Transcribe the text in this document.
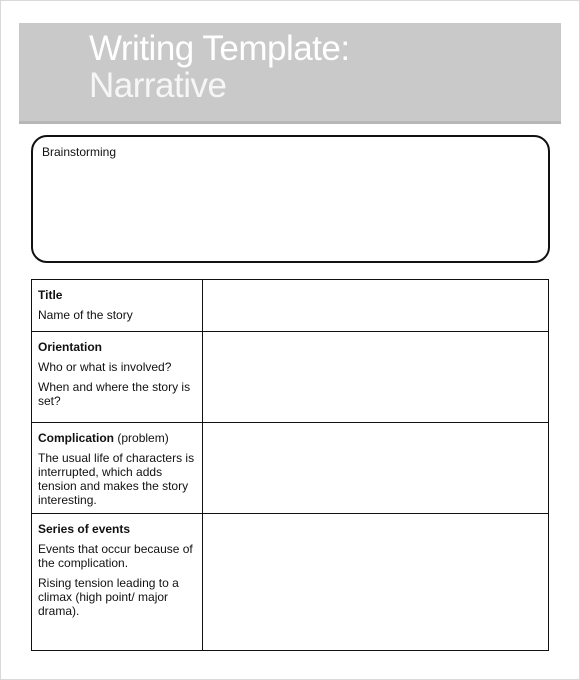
Writing Template:
Narrative
Brainstorming
Title
Name of the story	

Orientation
Who or what is involved?
When and where the story is set?	

Complication (problem)
The usual life of characters is interrupted, which adds tension and makes the story interesting.	

Series of events
Events that occur because of the complication.
Rising tension leading to a climax (high point/ major drama).	
